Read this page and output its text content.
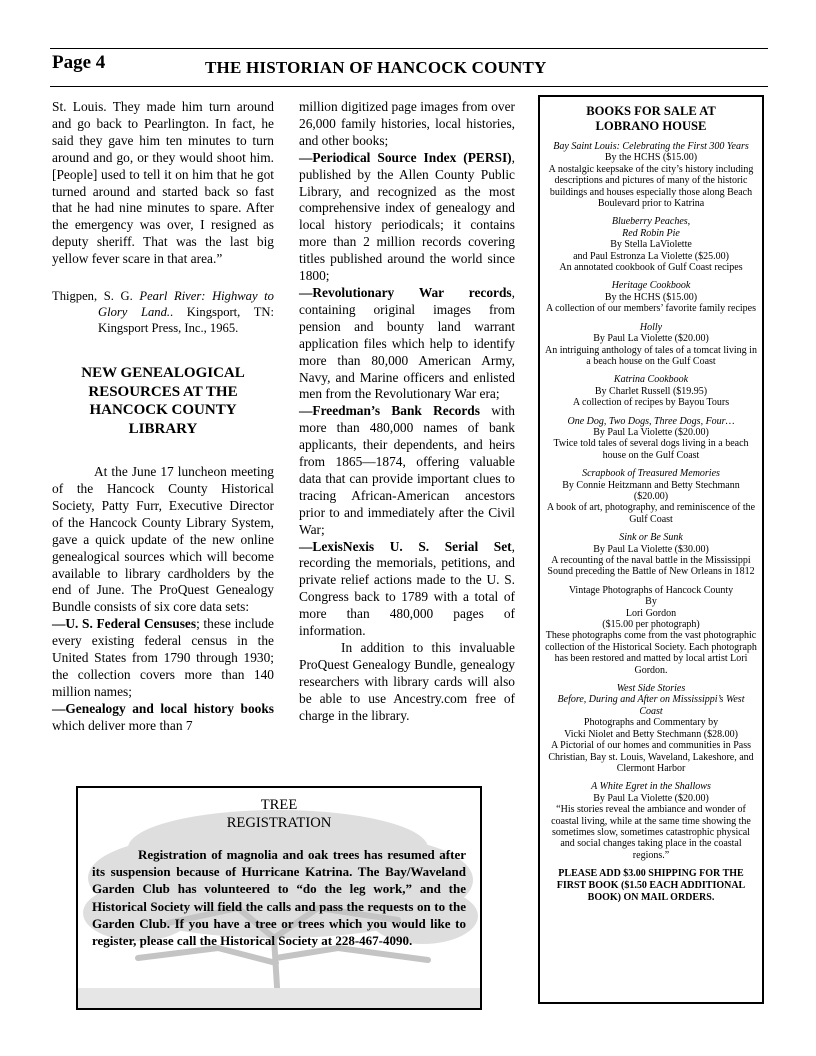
Page 4	THE HISTORIAN OF HANCOCK COUNTY

St. Louis. They made him turn around and go back to Pearlington. In fact, he said they gave him ten minutes to turn around and go, or they would shoot him. [People] used to tell it on him that he got turned around and started back so fast that he had nine minutes to spare. After the emergency was over, I resigned as deputy sheriff. That was the last big yellow fever scare in that area.”

Thigpen, S. G. Pearl River: Highway to Glory Land.. Kingsport, TN: Kingsport Press, Inc., 1965.

NEW GENEALOGICAL
RESOURCES AT THE
HANCOCK COUNTY
LIBRARY

At the June 17 luncheon meeting of the Hancock County Historical Society, Patty Furr, Executive Director of the Hancock County Library System, gave a quick update of the new online genealogical sources which will become available to library cardholders by the end of June. The ProQuest Genealogy Bundle consists of six core data sets:

—U. S. Federal Censuses; these include every existing federal census in the United States from 1790 through 1930; the collection covers more than 140 million names;

—Genealogy and local history books which deliver more than 7

million digitized page images from over 26,000 family histories, local histories, and other books;

—Periodical Source Index (PERSI), published by the Allen County Public Library, and recognized as the most comprehensive index of genealogy and local history periodicals; it contains more than 2 million records covering titles published around the world since 1800;

—Revolutionary War records, containing original images from pension and bounty land warrant application files which help to identify more than 80,000 American Army, Navy, and Marine officers and enlisted men from the Revolutionary War era;

—Freedman’s Bank Records with more than 480,000 names of bank applicants, their dependents, and heirs from 1865—1874, offering valuable data that can provide important clues to tracing African-American ancestors prior to and immediately after the Civil War;

—LexisNexis U. S. Serial Set, recording the memorials, petitions, and private relief actions made to the U. S. Congress back to 1789 with a total of more than 480,000 pages of information.

In addition to this invaluable ProQuest Genealogy Bundle, genealogy researchers with library cards will also be able to use Ancestry.com free of charge in the library.

BOOKS FOR SALE AT
LOBRANO HOUSE
Bay Saint Louis: Celebrating the First 300 Years
By the HCHS ($15.00)
A nostalgic keepsake of the city’s history including descriptions and pictures of many of the historic buildings and houses especially those along Beach Boulevard prior to Katrina
Blueberry Peaches,
Red Robin Pie
By Stella LaViolette
and Paul Estronza La Violette ($25.00)
An annotated cookbook of Gulf Coast recipes
Heritage Cookbook
By the HCHS ($15.00)
A collection of our members’ favorite family recipes
Holly
By Paul La Violette ($20.00)
An intriguing anthology of tales of a tomcat living in a beach house on the Gulf Coast
Katrina Cookbook
By Charlet Russell ($19.95)
A collection of recipes by Bayou Tours
One Dog, Two Dogs, Three Dogs, Four…
By Paul La Violette ($20.00)
Twice told tales of several dogs living in a beach house on the Gulf Coast
Scrapbook of Treasured Memories
By Connie Heitzmann and Betty Stechmann ($20.00)
A book of art, photography, and reminiscence of the Gulf Coast
Sink or Be Sunk
By Paul La Violette ($30.00)
A recounting of the naval battle in the Mississippi Sound preceding the Battle of New Orleans in 1812
Vintage Photographs of Hancock County
By
Lori Gordon
($15.00 per photograph)
These photographs come from the vast photographic collection of the Historical Society. Each photograph has been restored and matted by local artist Lori Gordon.
West Side Stories
Before, During and After on Mississippi’s West Coast
Photographs and Commentary by
Vicki Niolet and Betty Stechmann ($28.00)
A Pictorial of our homes and communities in Pass Christian, Bay st. Louis, Waveland, Lakeshore, and Clermont Harbor
A White Egret in the Shallows
By Paul La Violette ($20.00)
“His stories reveal the ambiance and wonder of coastal living, while at the same time showing the sometimes slow, sometimes catastrophic physical and social changes taking place in the coastal regions.”
PLEASE ADD $3.00 SHIPPING FOR THE FIRST BOOK ($1.50 EACH ADDITIONAL BOOK) ON MAIL ORDERS.
TREE
REGISTRATION
Registration of magnolia and oak trees has resumed after its suspension because of Hurricane Katrina. The Bay/Waveland Garden Club has volunteered to “do the leg work,” and the Historical Society will field the calls and pass the requests on to the Garden Club. If you have a tree or trees which you would like to register, please call the Historical Society at 228-467-4090.
